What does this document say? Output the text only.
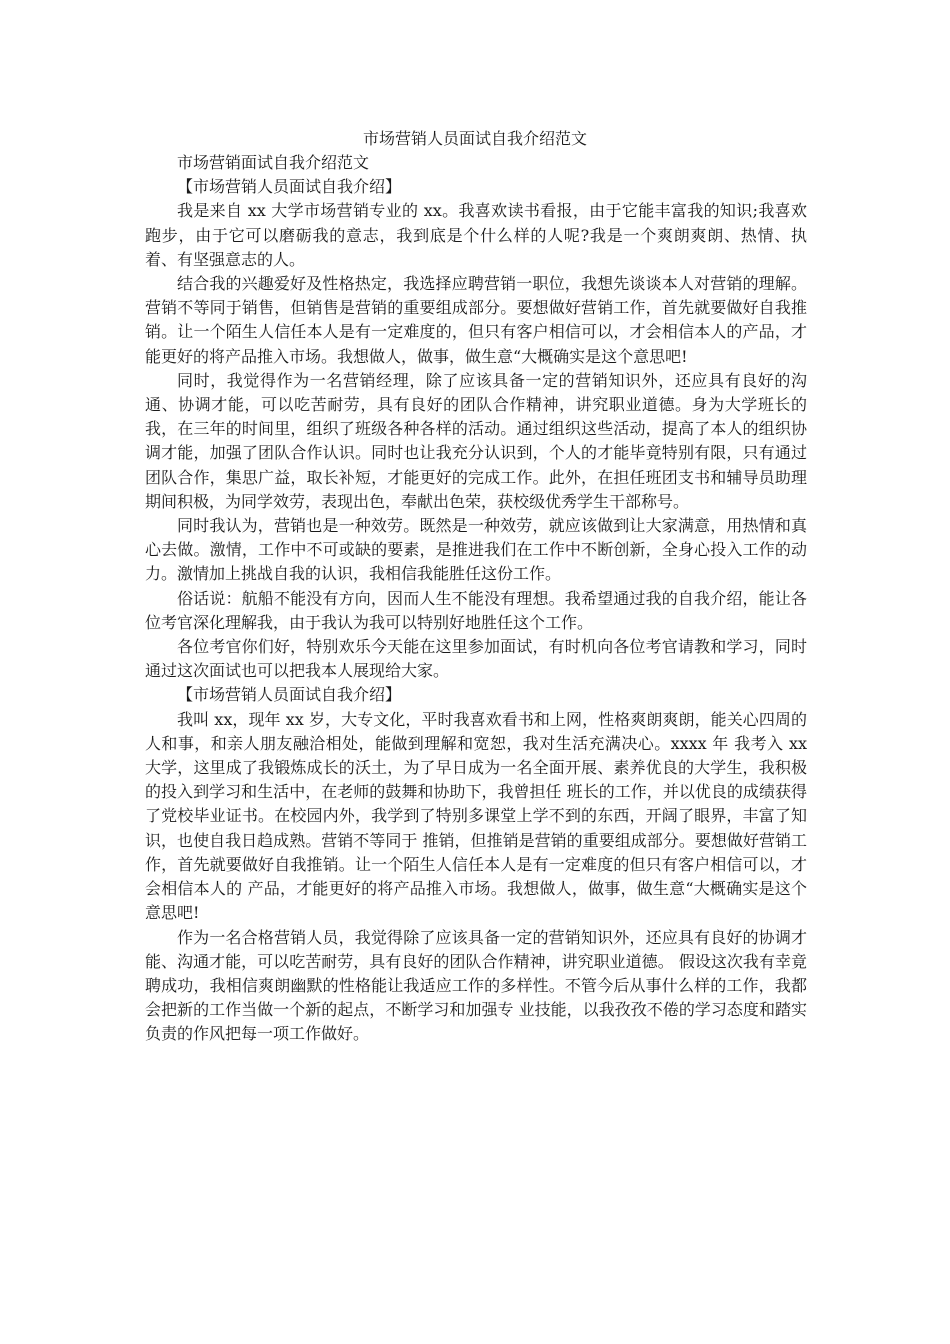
市场营销人员面试自我介绍范文

市场营销面试自我介绍范文

【市场营销人员面试自我介绍】

我是来自 xx 大学市场营销专业的 xx。我喜欢读书看报，由于它能丰富我的知识;我喜欢跑步，由于它可以磨砺我的意志，我到底是个什么样的人呢?我是一个爽朗爽朗、热情、执着、有坚强意志的人。

结合我的兴趣爱好及性格热定，我选择应聘营销一职位，我想先谈谈本人对营销的理解。营销不等同于销售，但销售是营销的重要组成部分。要想做好营销工作，首先就要做好自我推销。让一个陌生人信任本人是有一定难度的，但只有客户相信可以，才会相信本人的产品，才能更好的将产品推入市场。我想做人，做事，做生意“大概确实是这个意思吧!

同时，我觉得作为一名营销经理，除了应该具备一定的营销知识外，还应具有良好的沟通、协调才能，可以吃苦耐劳，具有良好的团队合作精神，讲究职业道德。身为大学班长的我，在三年的时间里，组织了班级各种各样的活动。通过组织这些活动，提高了本人的组织协调才能，加强了团队合作认识。同时也让我充分认识到，个人的才能毕竟特别有限，只有通过团队合作，集思广益，取长补短，才能更好的完成工作。此外，在担任班团支书和辅导员助理期间积极，为同学效劳，表现出色，奉献出色荣，获校级优秀学生干部称号。

同时我认为，营销也是一种效劳。既然是一种效劳，就应该做到让大家满意，用热情和真心去做。激情，工作中不可或缺的要素，是推进我们在工作中不断创新，全身心投入工作的动力。激情加上挑战自我的认识，我相信我能胜任这份工作。

俗话说：航船不能没有方向，因而人生不能没有理想。我希望通过我的自我介绍，能让各位考官深化理解我，由于我认为我可以特别好地胜任这个工作。

各位考官你们好，特别欢乐今天能在这里参加面试，有时机向各位考官请教和学习，同时通过这次面试也可以把我本人展现给大家。

【市场营销人员面试自我介绍】

我叫 xx，现年 xx 岁，大专文化，平时我喜欢看书和上网，性格爽朗爽朗，能关心四周的人和事，和亲人朋友融洽相处，能做到理解和宽恕，我对生活充满决心。xxxx 年 我考入 xx 大学，这里成了我锻炼成长的沃土，为了早日成为一名全面开展、素养优良的大学生，我积极的投入到学习和生活中，在老师的鼓舞和协助下，我曾担任 班长的工作，并以优良的成绩获得了党校毕业证书。在校园内外，我学到了特别多课堂上学不到的东西，开阔了眼界，丰富了知识，也使自我日趋成熟。营销不等同于 推销，但推销是营销的重要组成部分。要想做好营销工作，首先就要做好自我推销。让一个陌生人信任本人是有一定难度的但只有客户相信可以，才会相信本人的 产品，才能更好的将产品推入市场。我想做人，做事，做生意“大概确实是这个意思吧!

作为一名合格营销人员，我觉得除了应该具备一定的营销知识外，还应具有良好的协调才能、沟通才能，可以吃苦耐劳，具有良好的团队合作精神，讲究职业道德。 假设这次我有幸竟聘成功，我相信爽朗幽默的性格能让我适应工作的多样性。不管今后从事什么样的工作，我都会把新的工作当做一个新的起点，不断学习和加强专 业技能，以我孜孜不倦的学习态度和踏实负责的作风把每一项工作做好。
